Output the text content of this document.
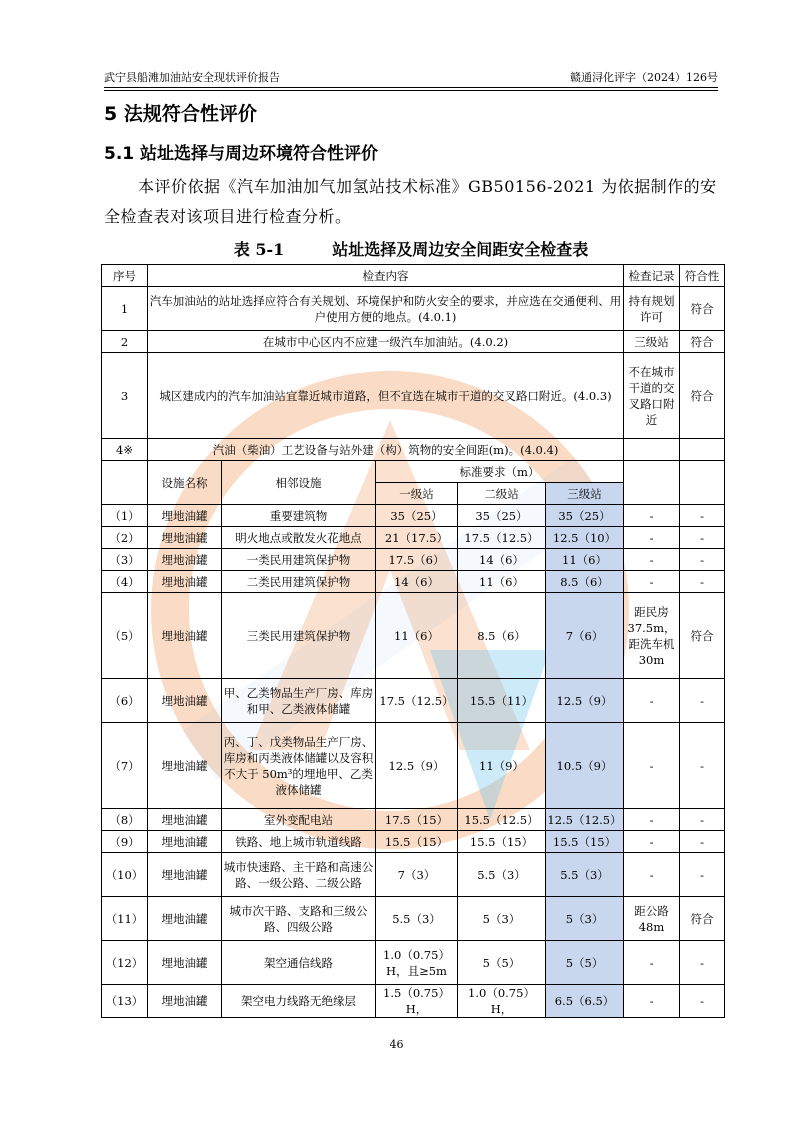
武宁县船滩加油站安全现状评价报告	赣通浔化评字（2024）126号
5 法规符合性评价
5.1 站址选择与周边环境符合性评价
本评价依据《汽车加油加气加氢站技术标准》GB50156-2021 为依据制作的安全检查表对该项目进行检查分析。
表 5-1	站址选择及周边安全间距安全检查表
序号	检查内容					检查记录	符合性
1	汽车加油站的站址选择应符合有关规划、环境保护和防火安全的要求，并应选在交通便利、用户使用方便的地点。(4.0.1)					持有规划许可	符合
2	在城市中心区内不应建一级汽车加油站。(4.0.2)					三级站	符合
3	城区建成内的汽车加油站宜靠近城市道路，但不宜选在城市干道的交叉路口附近。(4.0.3)					不在城市干道的交叉路口附近	符合
4※	汽油（柴油）工艺设备与站外建（构）筑物的安全间距(m)。(4.0.4)						
	设施名称	相邻设施	标准要求（m）				
			一级站	二级站	三级站		
（1）	埋地油罐	重要建筑物	35（25）	35（25）	35（25）	-	-
（2）	埋地油罐	明火地点或散发火花地点	21（17.5）	17.5（12.5）	12.5（10）	-	-
（3）	埋地油罐	一类民用建筑保护物	17.5（6）	14（6）	11（6）	-	-
（4）	埋地油罐	二类民用建筑保护物	14（6）	11（6）	8.5（6）	-	-
（5）	埋地油罐	三类民用建筑保护物	11（6）	8.5（6）	7（6）	距民房37.5m，距洗车机30m	符合
（6）	埋地油罐	甲、乙类物品生产厂房、库房和甲、乙类液体储罐	17.5（12.5）	15.5（11）	12.5（9）	-	-
（7）	埋地油罐	丙、丁、戊类物品生产厂房、库房和丙类液体储罐以及容积不大于 50m³的埋地甲、乙类液体储罐	12.5（9）	11（9）	10.5（9）	-	-
（8）	埋地油罐	室外变配电站	17.5（15）	15.5（12.5）	12.5（12.5）	-	-
（9）	埋地油罐	铁路、地上城市轨道线路	15.5（15）	15.5（15）	15.5（15）	-	-
（10）	埋地油罐	城市快速路、主干路和高速公路、一级公路、二级公路	7（3）	5.5（3）	5.5（3）	-	-
（11）	埋地油罐	城市次干路、支路和三级公路、四级公路	5.5（3）	5（3）	5（3）	距公路48m	符合
（12）	埋地油罐	架空通信线路	1.0（0.75）H，且≥5m	5（5）	5（5）	-	-
（13）	埋地油罐	架空电力线路无绝缘层	1.5（0.75）H，	1.0（0.75）H，	6.5（6.5）	-	-
46
